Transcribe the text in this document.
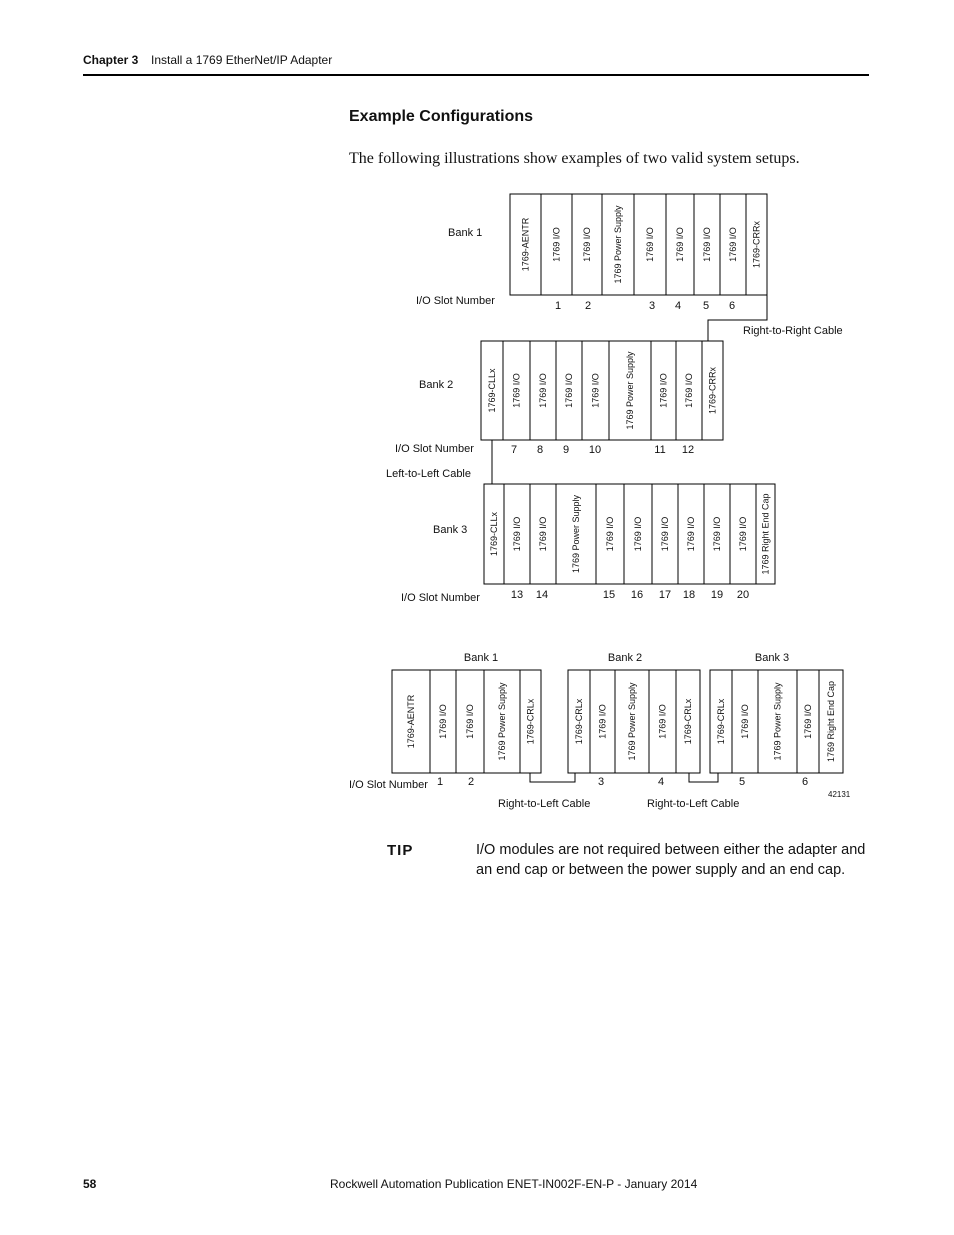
Chapter 3 Install a 1769 EtherNet/IP Adapter
Example Configurations
The following illustrations show examples of two valid system setups.
1769-AENTR 1769 I/O 1769 I/O 1769 Power Supply 1769 I/O 1769 I/O 1769 I/O 1769 I/O 1769-CRRx
Bank 1
I/O Slot Number	1 2	3 4 5 6
Right-to-Right Cable
1769-CLLx 1769 I/O 1769 I/O 1769 I/O 1769 I/O	1769 Power Supply	1769 I/O 1769 I/O 1769-CRRx
Bank 2
I/O Slot Number	7 8 9 10	11 12
Left-to-Left Cable
1769-CLLx 1769 I/O 1769 I/O	1769 Power Supply	1769 I/O 1769 I/O 1769 I/O 1769 I/O 1769 I/O 1769 I/O 1769 Right End Cap
Bank 3
I/O Slot Number	13 14	15 16 17 18 19 20
1769-AENTR 1769 I/O 1769 I/O 1769 Power Supply 1769-CRLx	1769-CRLx 1769 I/O 1769 Power Supply 1769 I/O 1769-CRLx	1769-CRLx 1769 I/O	1769 Power Supply 1769 I/O 1769 Right End Cap
Bank 1	Bank 2	Bank 3
I/O Slot Number 1 2	3	4	5	6
Right-to-Left Cable	Right-to-Left Cable
42131
TIP	I/O modules are not required between either the adapter and an end cap or between the power supply and an end cap.
58	Rockwell Automation Publication ENET-IN002F-EN-P - January 2014
